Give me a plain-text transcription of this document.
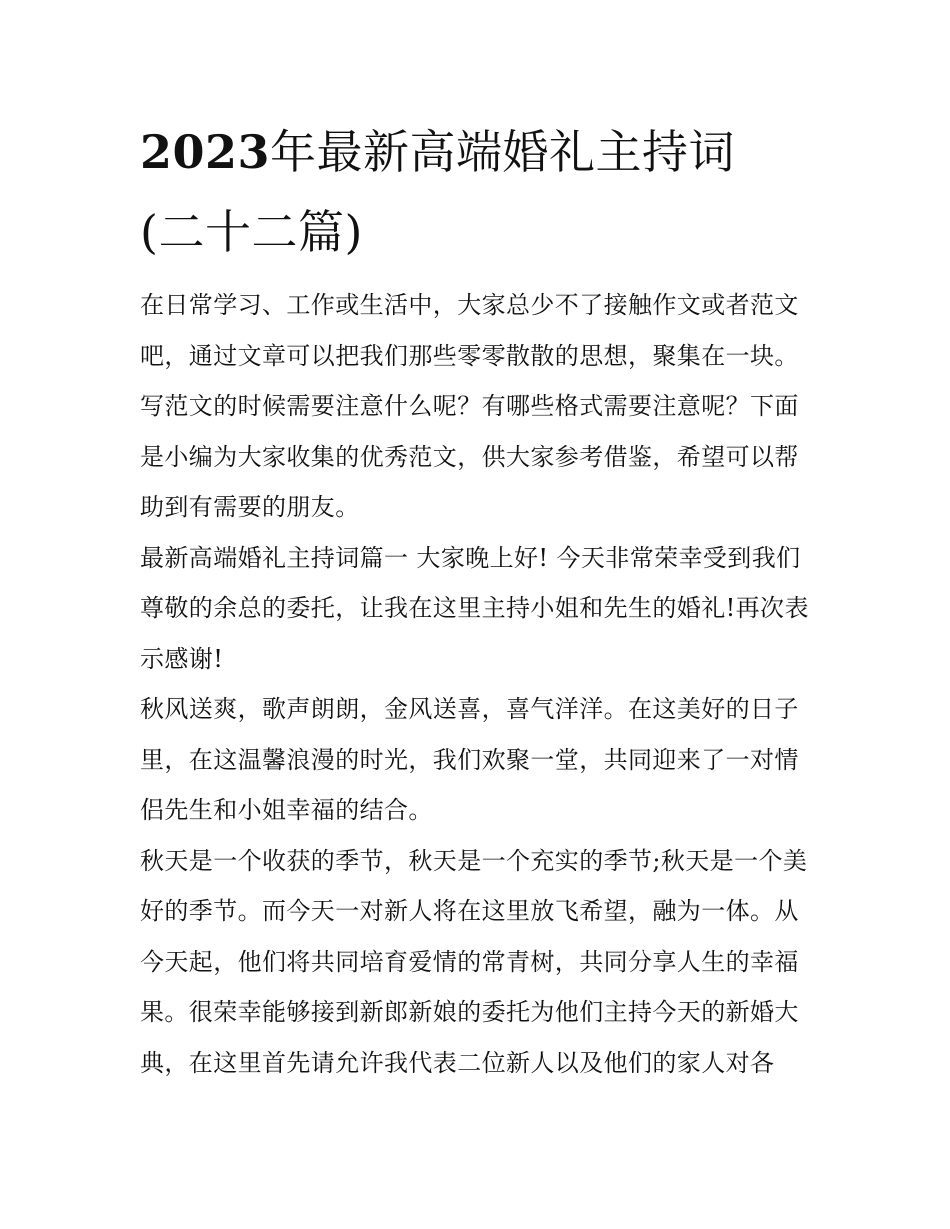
2023年最新高端婚礼主持词
(二十二篇)

在日常学习、工作或生活中，大家总少不了接触作文或者范文吧，通过文章可以把我们那些零零散散的思想，聚集在一块。写范文的时候需要注意什么呢？有哪些格式需要注意呢？下面是小编为大家收集的优秀范文，供大家参考借鉴，希望可以帮助到有需要的朋友。

最新高端婚礼主持词篇一 大家晚上好! 今天非常荣幸受到我们尊敬的余总的委托，让我在这里主持小姐和先生的婚礼!再次表示感谢!

秋风送爽，歌声朗朗，金风送喜，喜气洋洋。在这美好的日子里，在这温馨浪漫的时光，我们欢聚一堂，共同迎来了一对情侣先生和小姐幸福的结合。

秋天是一个收获的季节，秋天是一个充实的季节;秋天是一个美好的季节。而今天一对新人将在这里放飞希望，融为一体。从今天起，他们将共同培育爱情的常青树，共同分享人生的幸福果。很荣幸能够接到新郎新娘的委托为他们主持今天的新婚大典，在这里首先请允许我代表二位新人以及他们的家人对各
